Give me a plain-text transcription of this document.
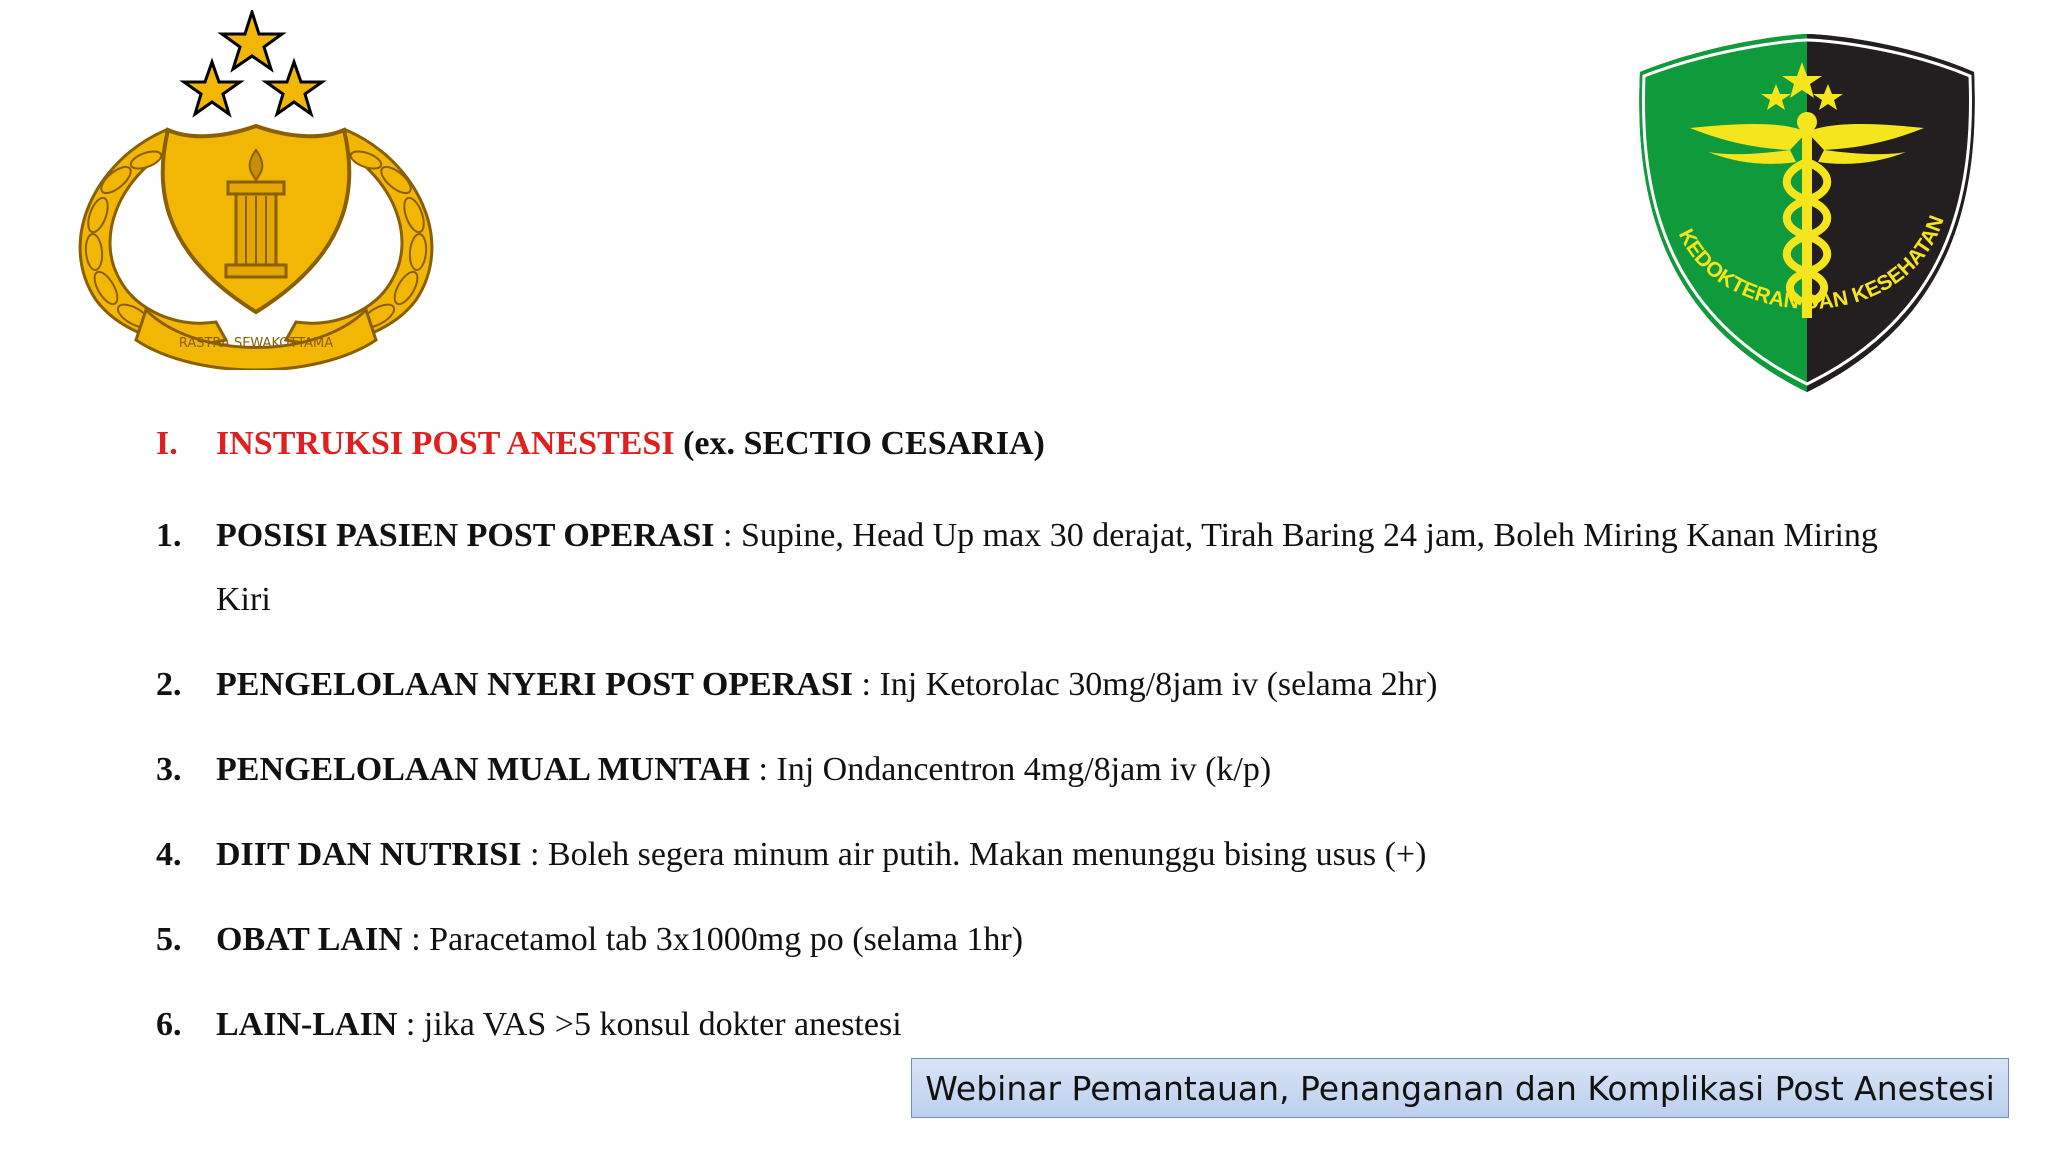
RASTRA SEWAKOTTAMA
KEDOKTERAN DAN KESEHATAN
I.	INSTRUKSI POST ANESTESI (ex. SECTIO CESARIA)
1.	POSISI PASIEN POST OPERASI : Supine, Head Up max 30 derajat, Tirah Baring 24 jam, Boleh Miring Kanan Miring Kiri
2.	PENGELOLAAN NYERI POST OPERASI : Inj Ketorolac 30mg/8jam iv (selama 2hr)
3.	PENGELOLAAN MUAL MUNTAH : Inj Ondancentron 4mg/8jam iv (k/p)
4.	DIIT DAN NUTRISI : Boleh segera minum air putih. Makan menunggu bising usus (+)
5.	OBAT LAIN : Paracetamol tab 3x1000mg po (selama 1hr)
6.	LAIN-LAIN : jika VAS >5 konsul dokter anestesi
Webinar Pemantauan, Penanganan dan Komplikasi Post Anestesi
